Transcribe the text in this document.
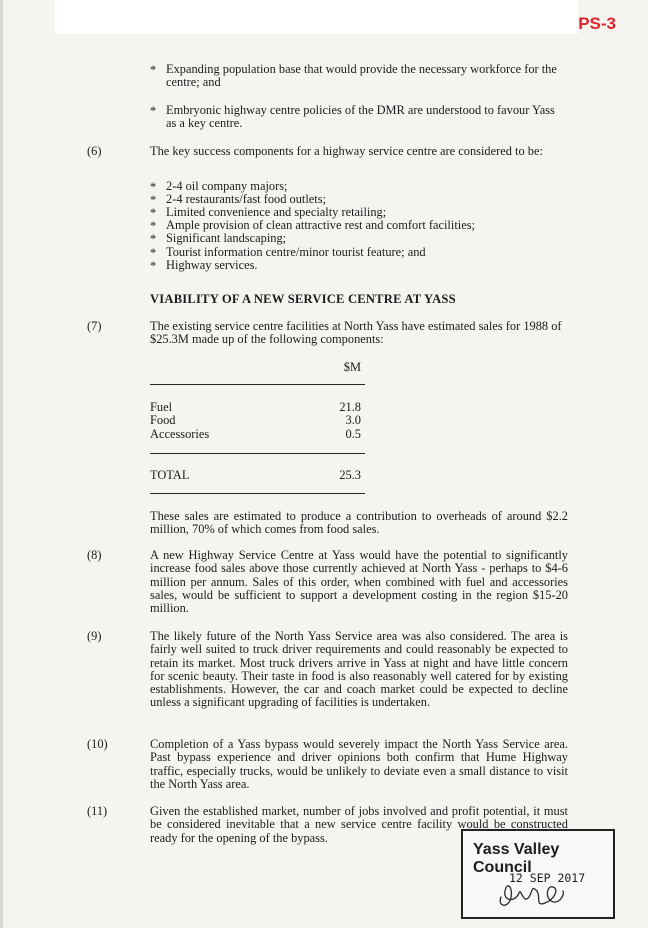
PS-3
* Expanding population base that would provide the necessary workforce for the centre; and
* Embryonic highway centre policies of the DMR are understood to favour Yass as a key centre.
(6)	The key success components for a highway service centre are considered to be:
* 2-4 oil company majors;
* 2-4 restaurants/fast food outlets;
* Limited convenience and specialty retailing;
* Ample provision of clean attractive rest and comfort facilities;
* Significant landscaping;
* Tourist information centre/minor tourist feature; and
* Highway services.
VIABILITY OF A NEW SERVICE CENTRE AT YASS
(7)	The existing service centre facilities at North Yass have estimated sales for 1988 of $25.3M made up of the following components:
$M
Fuel	21.8
Food	3.0
Accessories	0.5
TOTAL	25.3
These sales are estimated to produce a contribution to overheads of around $2.2 million, 70% of which comes from food sales.
(8)	A new Highway Service Centre at Yass would have the potential to significantly increase food sales above those currently achieved at North Yass - perhaps to $4-6 million per annum. Sales of this order, when combined with fuel and accessories sales, would be sufficient to support a development costing in the region $15-20 million.
(9)	The likely future of the North Yass Service area was also considered. The area is fairly well suited to truck driver requirements and could reasonably be expected to retain its market. Most truck drivers arrive in Yass at night and have little concern for scenic beauty. Their taste in food is also reasonably well catered for by existing establishments. However, the car and coach market could be expected to decline unless a significant upgrading of facilities is undertaken.
(10)	Completion of a Yass bypass would severely impact the North Yass Service area. Past bypass experience and driver opinions both confirm that Hume Highway traffic, especially trucks, would be unlikely to deviate even a small distance to visit the North Yass area.
(11)	Given the established market, number of jobs involved and profit potential, it must be considered inevitable that a new service centre facility would be constructed ready for the opening of the bypass.
Yass Valley Council
12 SEP 2017
